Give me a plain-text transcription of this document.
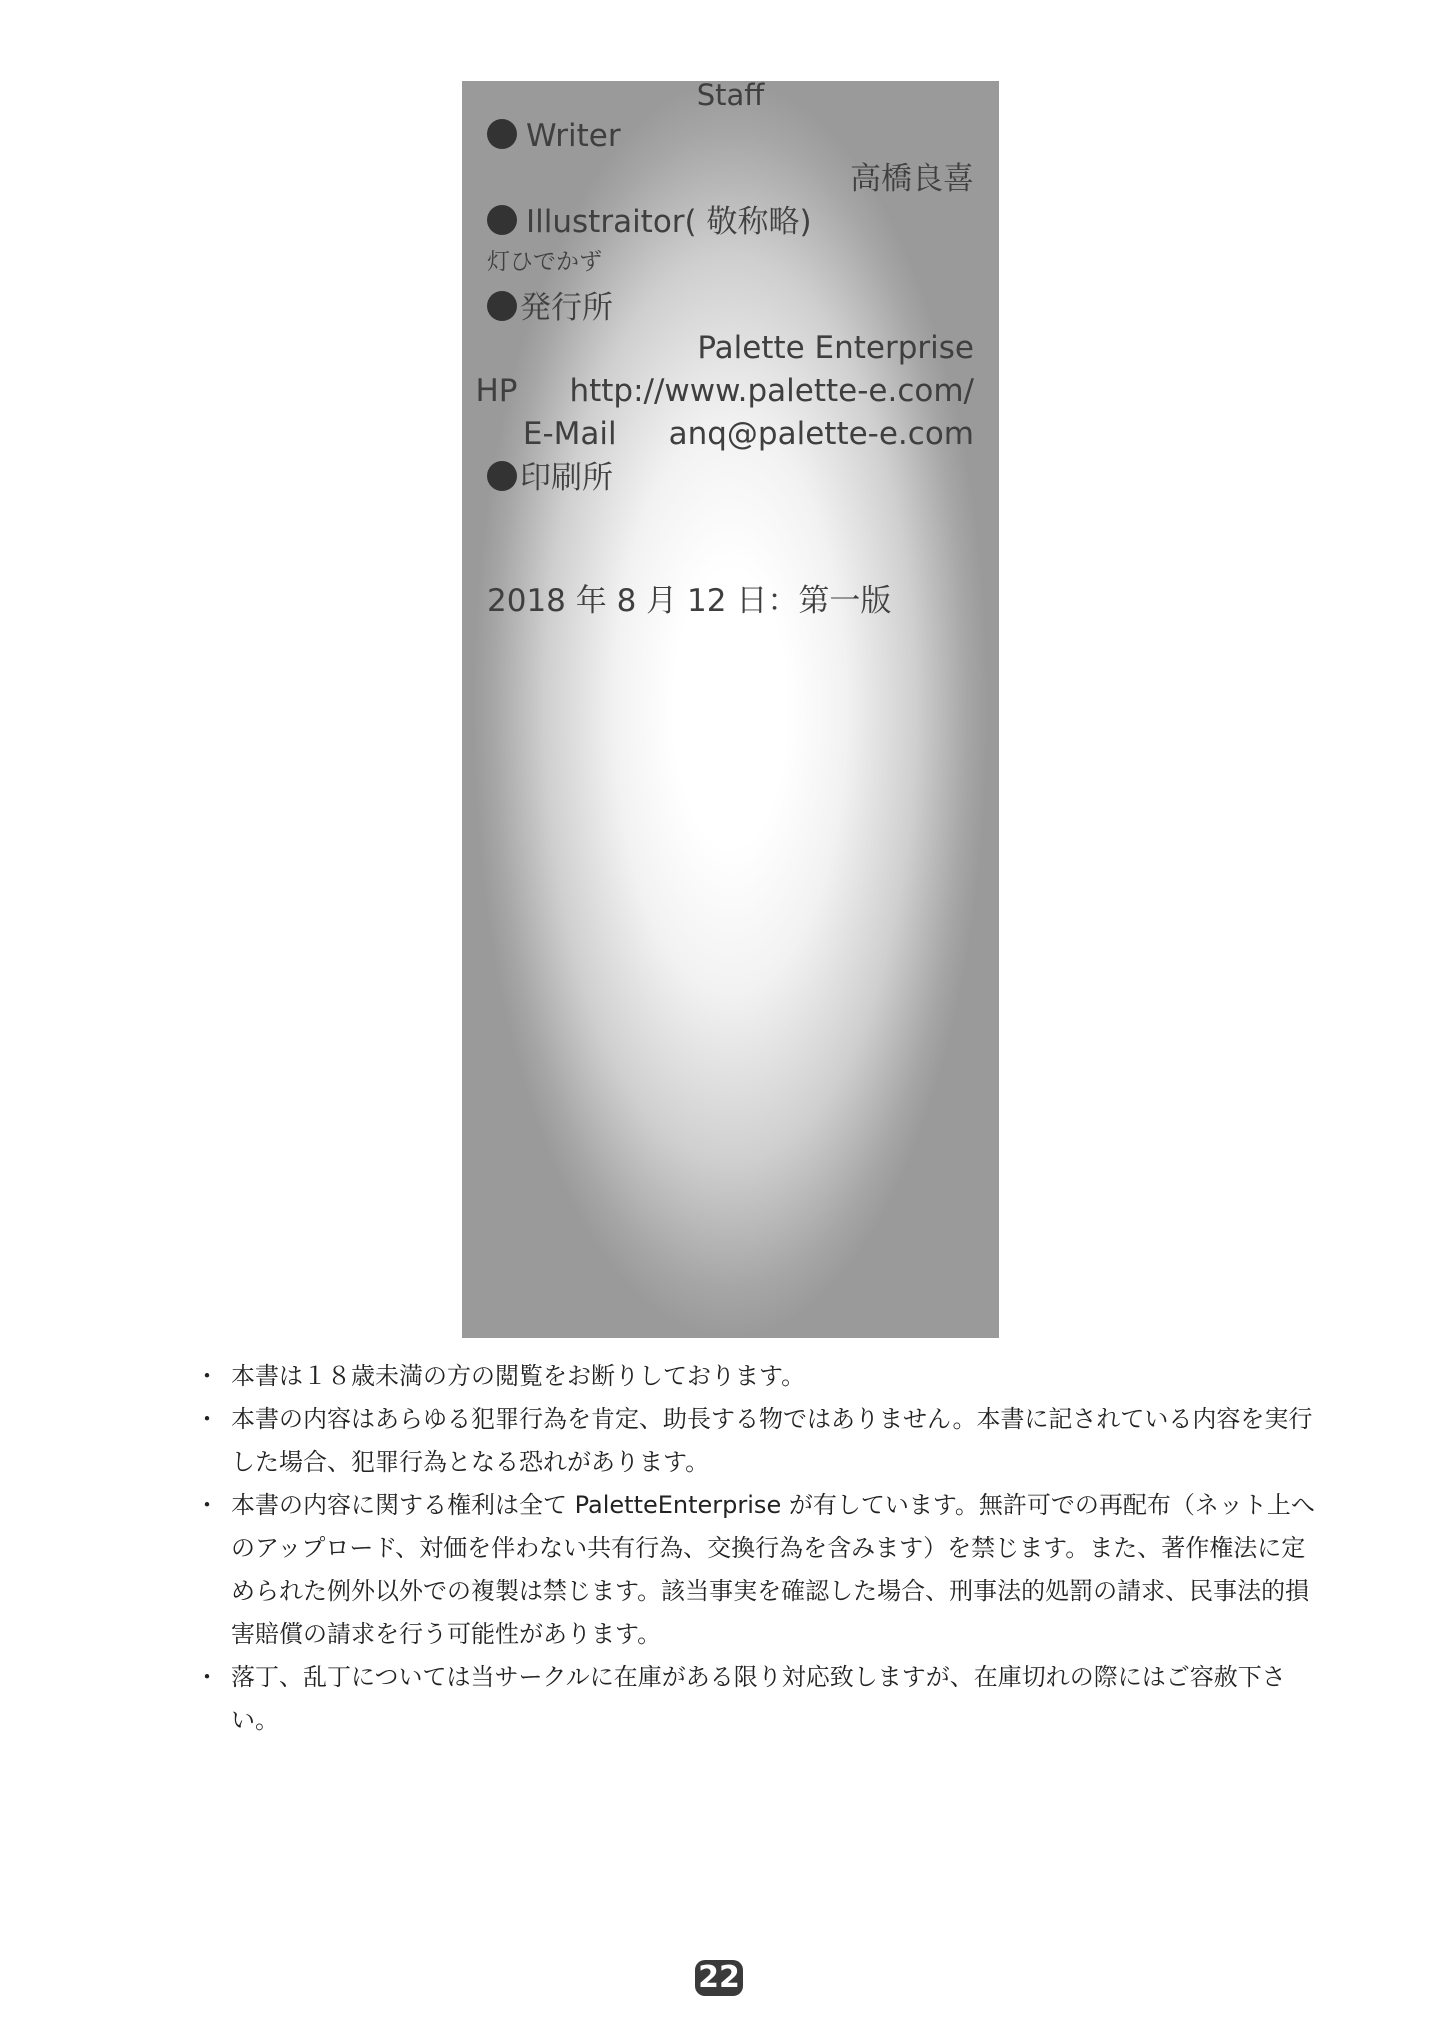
Staff
Writer
高橋良喜
Illustraitor( 敬称略)
灯ひでかず
発行所
Palette Enterprise
HP http://www.palette-e.com/
E-Mail anq@palette-e.com
印刷所
2018 年 8 月 12 日：第一版
・ 本書は１８歳未満の方の閲覧をお断りしております。
・ 本書の内容はあらゆる犯罪行為を肯定、助長する物ではありません。本書に記されている内容を実行した場合、犯罪行為となる恐れがあります。
・ 本書の内容に関する権利は全て PaletteEnterprise が有しています。無許可での再配布（ネット上へのアップロード、対価を伴わない共有行為、交換行為を含みます）を禁じます。また、著作権法に定められた例外以外での複製は禁じます。該当事実を確認した場合、刑事法的処罰の請求、民事法的損害賠償の請求を行う可能性があります。
・ 落丁、乱丁については当サークルに在庫がある限り対応致しますが、在庫切れの際にはご容赦下さい。
22
